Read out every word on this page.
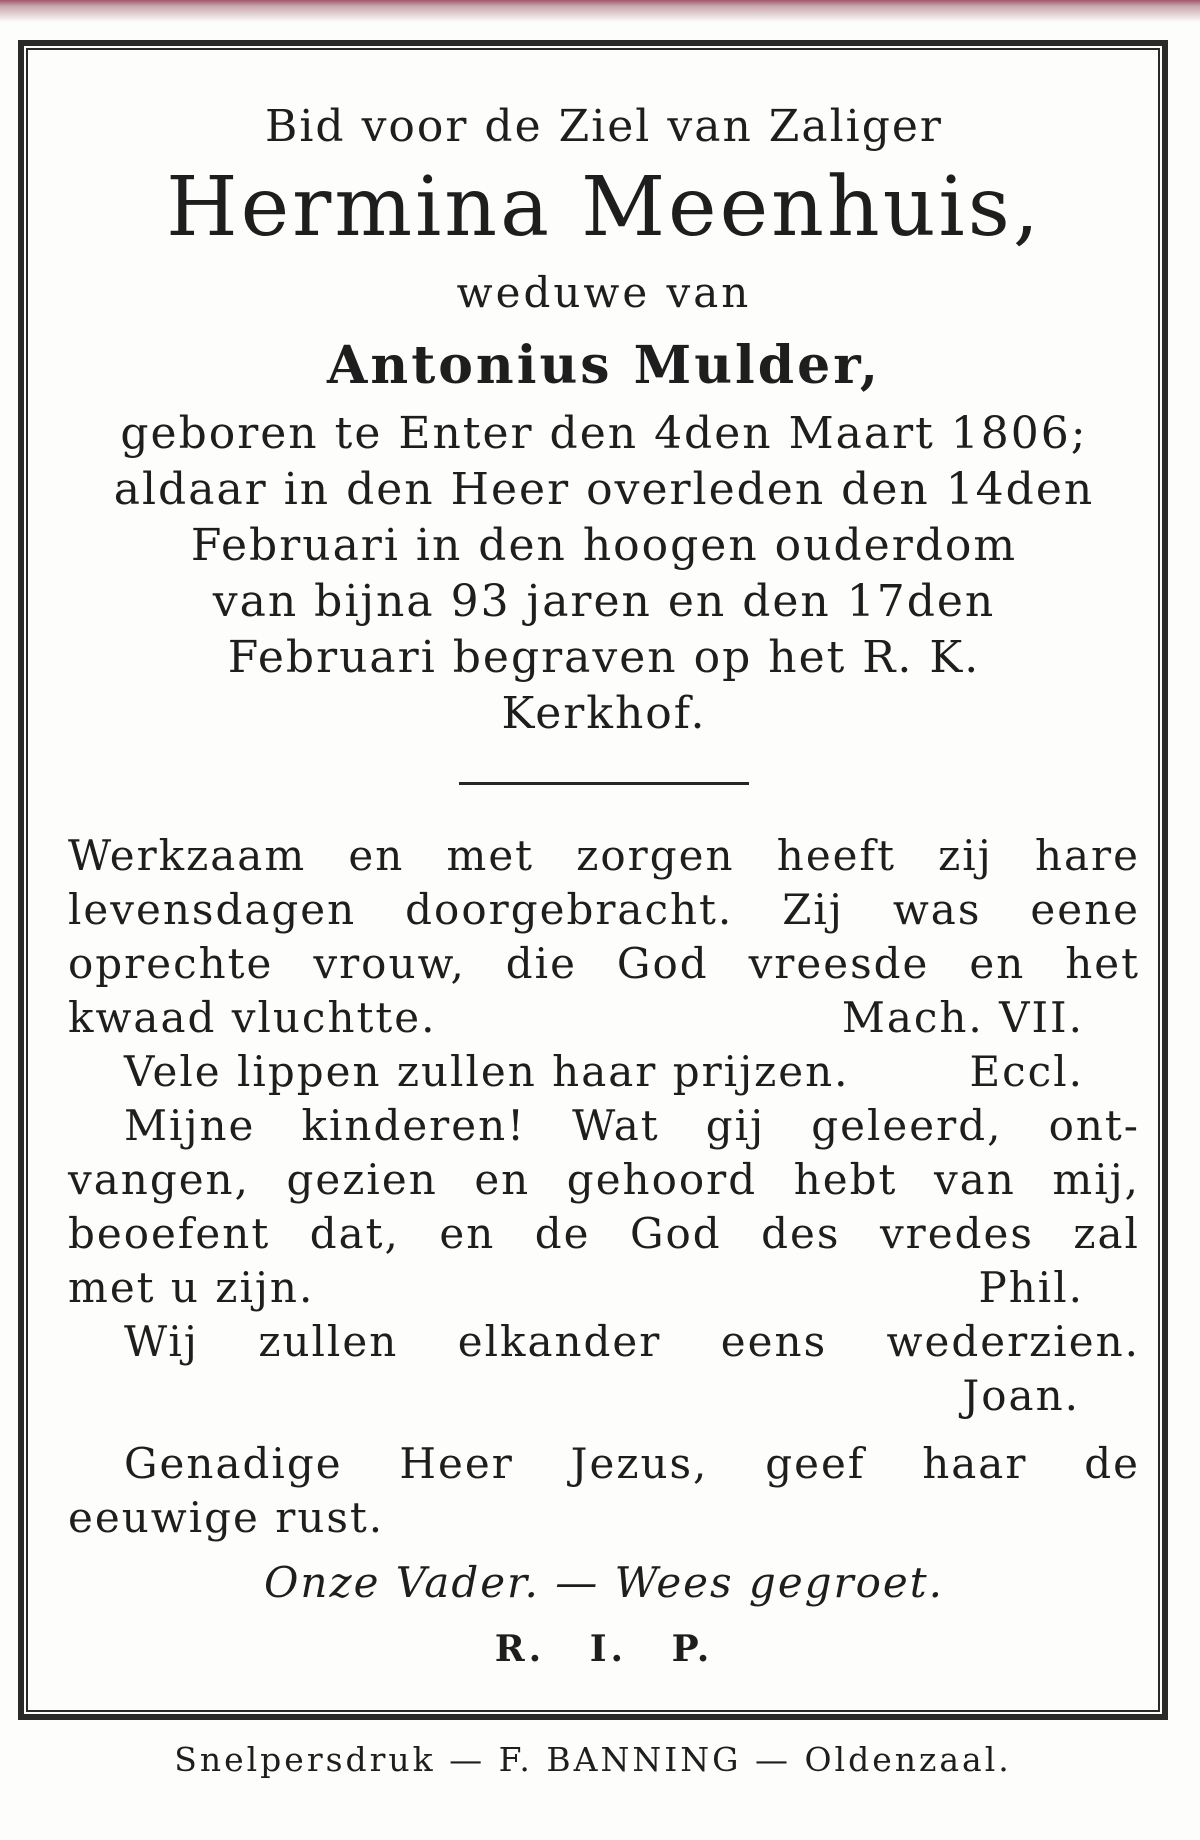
Bid voor de Ziel van Zaliger

Hermina Meenhuis,

weduwe van

Antonius Mulder,

geboren te Enter den 4den Maart 1806;
aldaar in den Heer overleden den 14den
Februari in den hoogen ouderdom
van bijna 93 jaren en den 17den
Februari begraven op het R. K.
Kerkhof.

Werkzaam en met zorgen heeft zij hare
levensdagen doorgebracht. Zij was eene
oprechte vrouw, die God vreesde en het
kwaad vluchtte.	Mach. VII.
Vele lippen zullen haar prijzen.	Eccl.
Mijne kinderen! Wat gij geleerd, ont-
vangen, gezien en gehoord hebt van mij,
beoefent dat, en de God des vredes zal
met u zijn.	Phil.
Wij zullen elkander eens wederzien.
Joan.
Genadige Heer Jezus, geef haar de
eeuwige rust.

Onze Vader. — Wees gegroet.

R. I. P.

Snelpersdruk — F. BANNING — Oldenzaal.
